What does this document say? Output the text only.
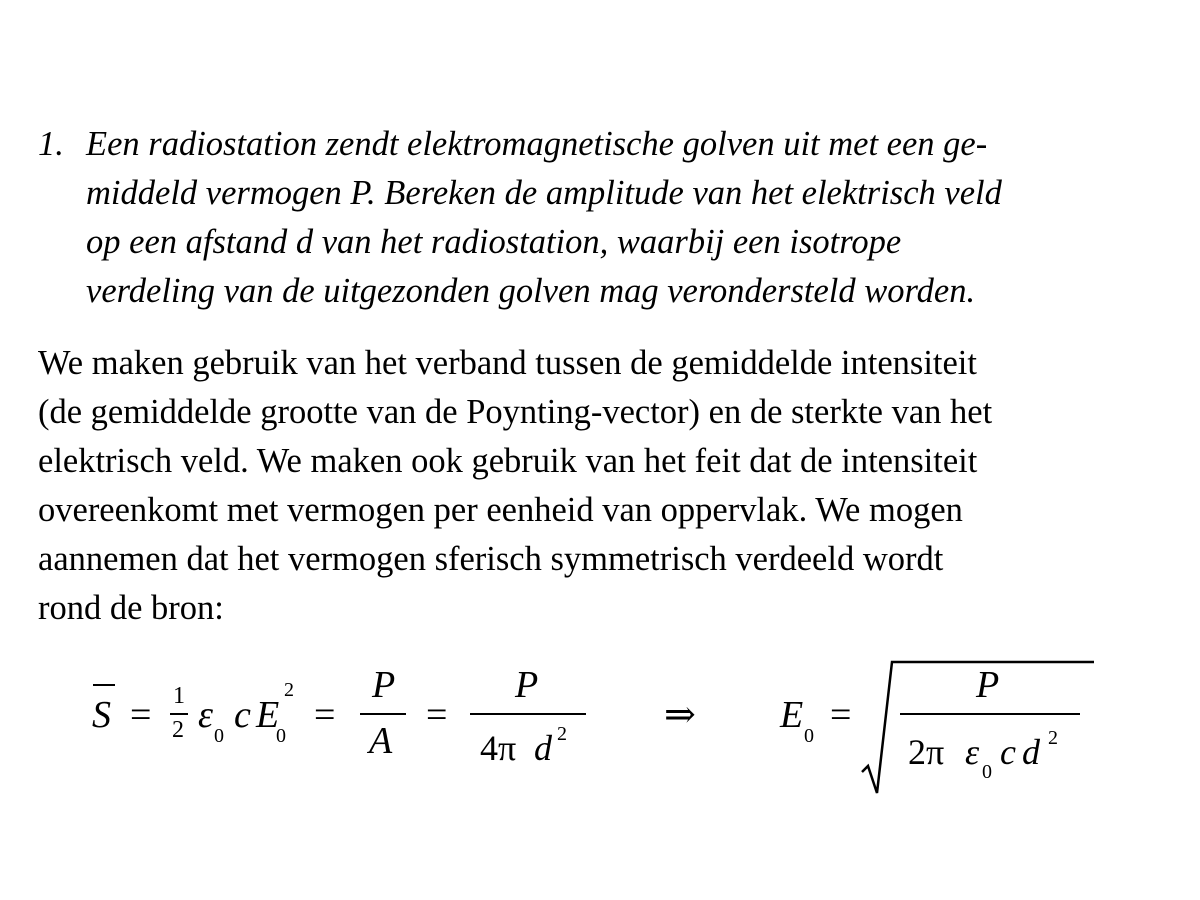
1. Een radiostation zendt elektromagnetische golven uit met een ge-
middeld vermogen P. Bereken de amplitude van het elektrisch veld
op een afstand d van het radiostation, waarbij een isotrope
verdeling van de uitgezonden golven mag verondersteld worden.
We maken gebruik van het verband tussen de gemiddelde intensiteit
(de gemiddelde grootte van de Poynting-vector) en de sterkte van het
elektrisch veld. We maken ook gebruik van het feit dat de intensiteit
overeenkomt met vermogen per eenheid van oppervlak. We mogen
aannemen dat het vermogen sferisch symmetrisch verdeeld wordt
rond de bron:
S = 1
2 ε 0 c E
2
0 =
P
A
=
P
4π d 2	⇒ E 0 =
P
2π ε 0 c d 2
